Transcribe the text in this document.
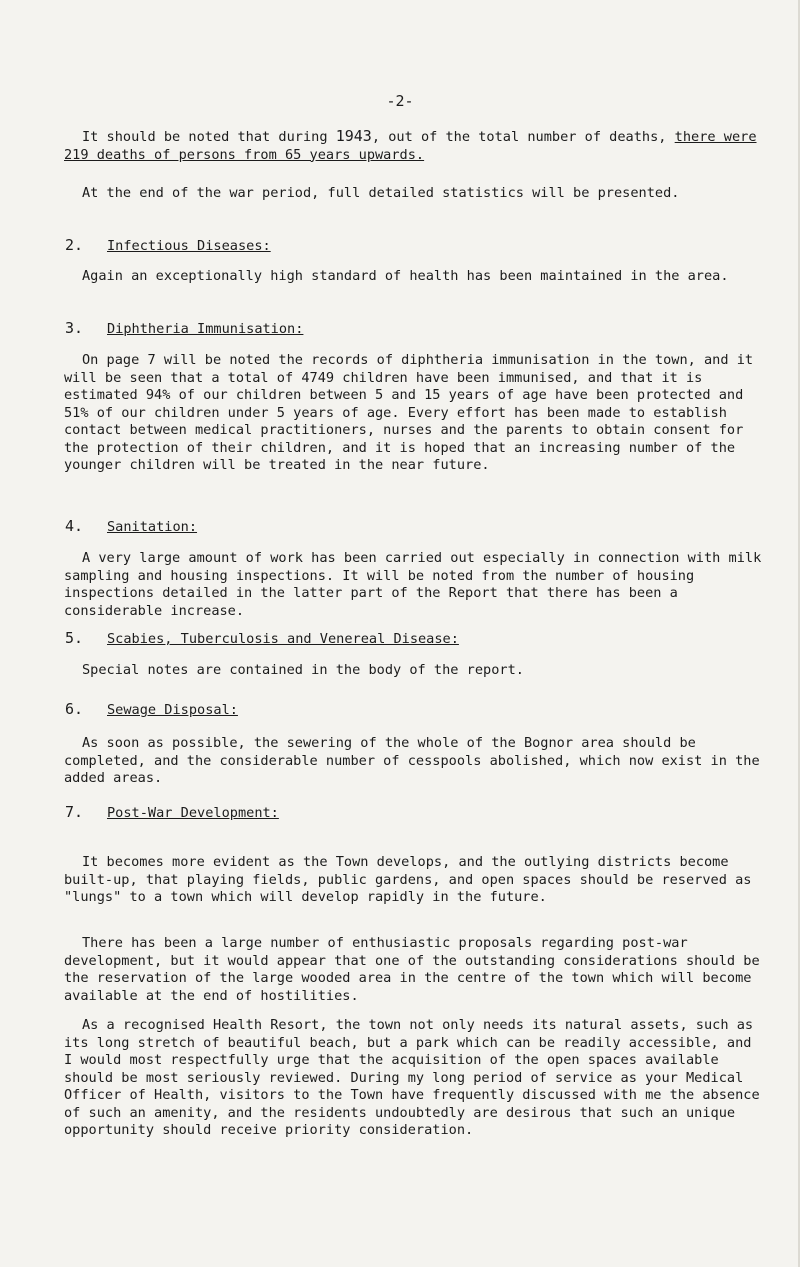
-2-

It should be noted that during 1943, out of the total number of deaths, there were 219 deaths of persons from 65 years upwards.

At the end of the war period, full detailed statistics will be presented.

2. Infectious Diseases:

Again an exceptionally high standard of health has been maintained in the area.

3. Diphtheria Immunisation:

On page 7 will be noted the records of diphtheria immunisation in the town, and it will be seen that a total of 4749 children have been immunised, and that it is estimated 94% of our children between 5 and 15 years of age have been protected and 51% of our children under 5 years of age. Every effort has been made to establish contact between medical practitioners, nurses and the parents to obtain consent for the protection of their children, and it is hoped that an increasing number of the younger children will be treated in the near future.

4. Sanitation:

A very large amount of work has been carried out especially in connection with milk sampling and housing inspections. It will be noted from the number of housing inspections detailed in the latter part of the Report that there has been a considerable increase.

5. Scabies, Tuberculosis and Venereal Disease:

Special notes are contained in the body of the report.

6. Sewage Disposal:

As soon as possible, the sewering of the whole of the Bognor area should be completed, and the considerable number of cesspools abolished, which now exist in the added areas.

7. Post-War Development:

It becomes more evident as the Town develops, and the outlying districts become built-up, that playing fields, public gardens, and open spaces should be reserved as "lungs" to a town which will develop rapidly in the future.

There has been a large number of enthusiastic proposals regarding post-war development, but it would appear that one of the outstanding considerations should be the reservation of the large wooded area in the centre of the town which will become available at the end of hostilities.

As a recognised Health Resort, the town not only needs its natural assets, such as its long stretch of beautiful beach, but a park which can be readily accessible, and I would most respectfully urge that the acquisition of the open spaces available should be most seriously reviewed. During my long period of service as your Medical Officer of Health, visitors to the Town have frequently discussed with me the absence of such an amenity, and the residents undoubtedly are desirous that such an unique opportunity should receive priority consideration.
